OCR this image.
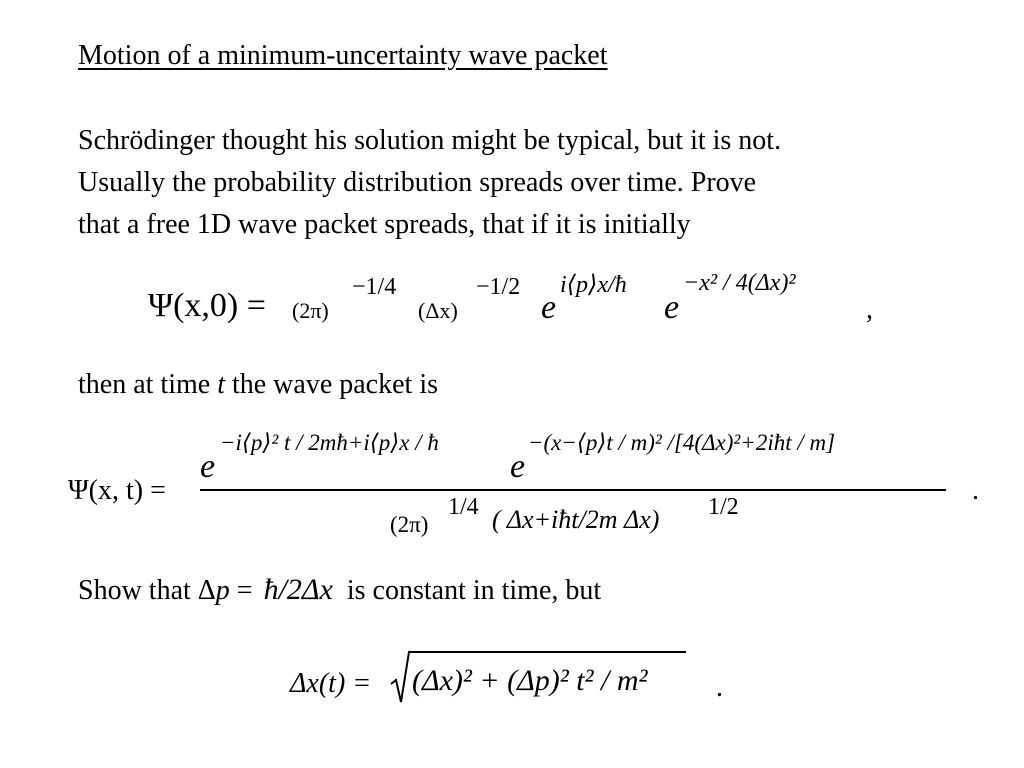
Motion of a minimum-uncertainty wave packet
Schrödinger thought his solution might be typical, but it is not.
Usually the probability distribution spreads over time. Prove
that a free 1D wave packet spreads, that if it is initially
Ψ(x,0) = (2π)
−1/4
(Δx)
−1/2
e
i⟨p⟩x/ħ
e
−x² / 4(Δx)²
,
then at time t the wave packet is
Ψ(x, t) =
e
−i⟨p⟩² t / 2mħ+i⟨p⟩x / ħ
e
−(x−⟨p⟩t / m)² /[4(Δx)²+2iħt / m]
(2π)
1/4 ( Δx+iħt/2m Δx) 1/2
.
Show that Δp = ħ/2Δx is constant in time, but
Δx(t) = (Δx)² + (Δp)² t² / m² .
